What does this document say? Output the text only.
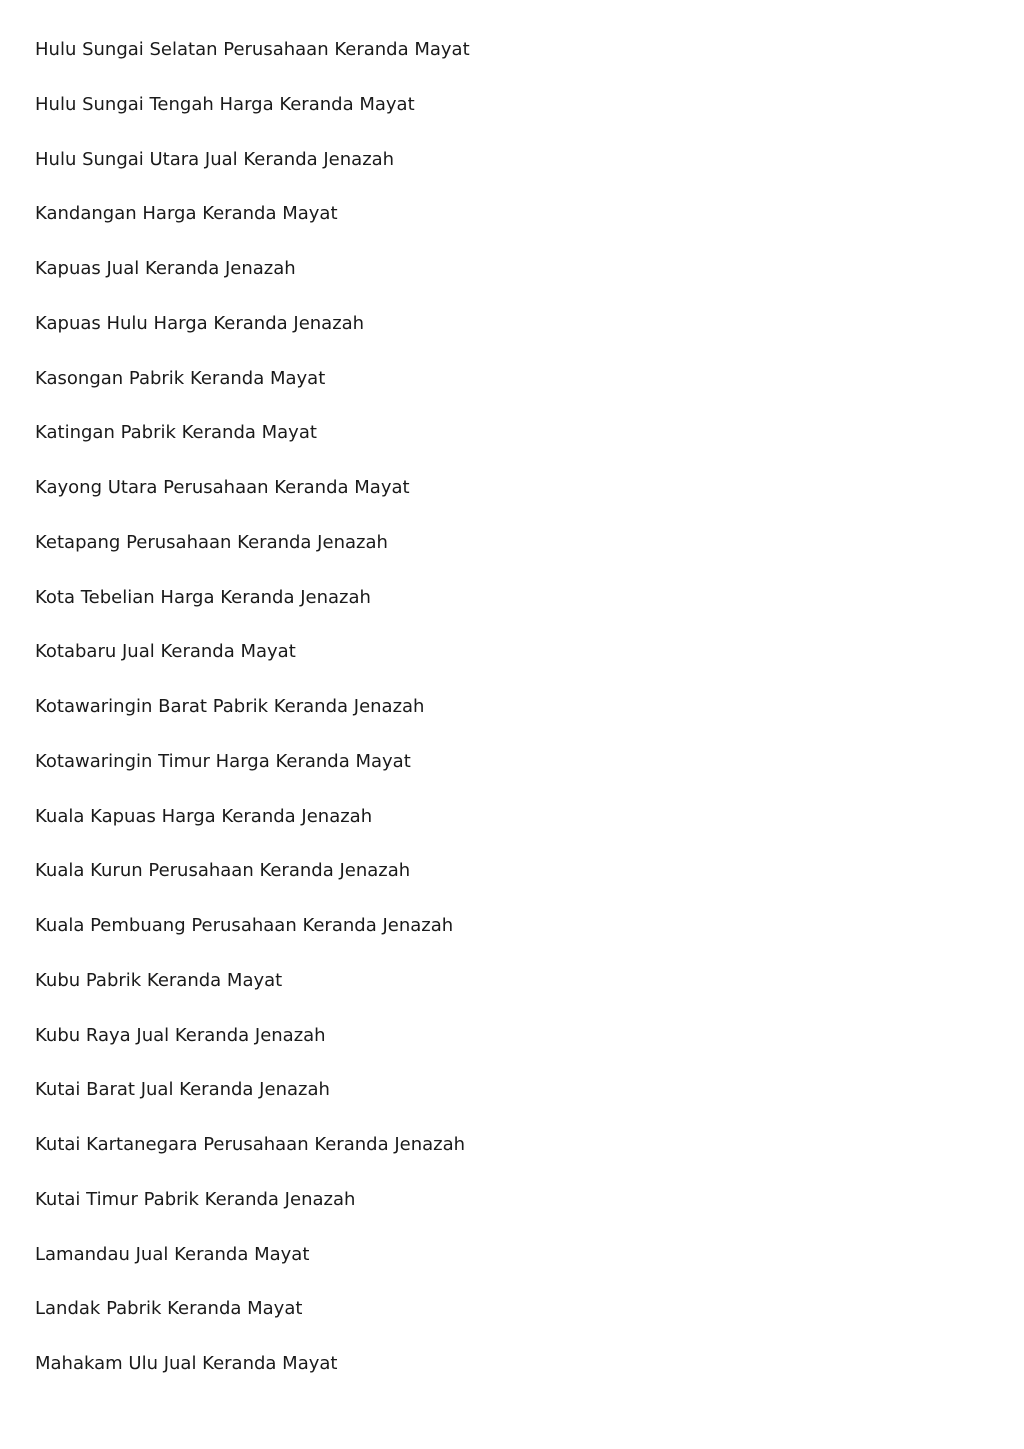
Hulu Sungai Selatan Perusahaan Keranda Mayat
Hulu Sungai Tengah Harga Keranda Mayat
Hulu Sungai Utara Jual Keranda Jenazah
Kandangan Harga Keranda Mayat
Kapuas Jual Keranda Jenazah
Kapuas Hulu Harga Keranda Jenazah
Kasongan Pabrik Keranda Mayat
Katingan Pabrik Keranda Mayat
Kayong Utara Perusahaan Keranda Mayat
Ketapang Perusahaan Keranda Jenazah
Kota Tebelian Harga Keranda Jenazah
Kotabaru Jual Keranda Mayat
Kotawaringin Barat Pabrik Keranda Jenazah
Kotawaringin Timur Harga Keranda Mayat
Kuala Kapuas Harga Keranda Jenazah
Kuala Kurun Perusahaan Keranda Jenazah
Kuala Pembuang Perusahaan Keranda Jenazah
Kubu Pabrik Keranda Mayat
Kubu Raya Jual Keranda Jenazah
Kutai Barat Jual Keranda Jenazah
Kutai Kartanegara Perusahaan Keranda Jenazah
Kutai Timur Pabrik Keranda Jenazah
Lamandau Jual Keranda Mayat
Landak Pabrik Keranda Mayat
Mahakam Ulu Jual Keranda Mayat
